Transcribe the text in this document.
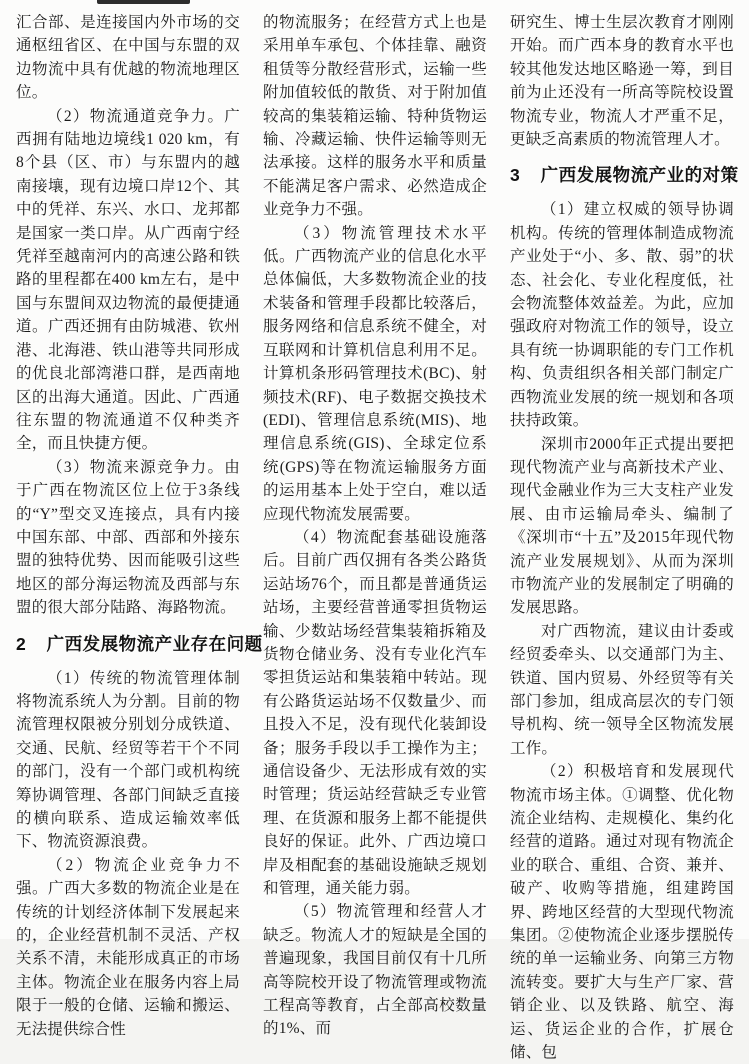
汇合部、是连接国内外市场的交通枢纽省区、在中国与东盟的双边物流中具有优越的物流地理区位。

（2）物流通道竞争力。广西拥有陆地边境线1 020 km，有8个县（区、市）与东盟内的越南接壤，现有边境口岸12个、其中的凭祥、东兴、水口、龙邦都是国家一类口岸。从广西南宁经凭祥至越南河内的高速公路和铁路的里程都在400 km左右，是中国与东盟间双边物流的最便捷通道。广西还拥有由防城港、钦州港、北海港、铁山港等共同形成的优良北部湾港口群，是西南地区的出海大通道。因此、广西通往东盟的物流通道不仅种类齐全，而且快捷方便。

（3）物流来源竞争力。由于广西在物流区位上位于3条线的“Y”型交叉连接点，具有内接中国东部、中部、西部和外接东盟的独特优势、因而能吸引这些地区的部分海运物流及西部与东盟的很大部分陆路、海路物流。

2 广西发展物流产业存在问题

（1）传统的物流管理体制将物流系统人为分割。目前的物流管理权限被分别划分成铁道、交通、民航、经贸等若干个不同的部门，没有一个部门或机构统筹协调管理、各部门间缺乏直接的横向联系、造成运输效率低下、物流资源浪费。

（2）物流企业竞争力不强。广西大多数的物流企业是在传统的计划经济体制下发展起来的，企业经营机制不灵活、产权关系不清，未能形成真正的市场主体。物流企业在服务内容上局限于一般的仓储、运输和搬运、无法提供综合性

的物流服务；在经营方式上也是采用单车承包、个体挂靠、融资租赁等分散经营形式，运输一些附加值较低的散货、对于附加值较高的集装箱运输、特种货物运输、冷藏运输、快件运输等则无法承接。这样的服务水平和质量不能满足客户需求、必然造成企业竞争力不强。

（3）物流管理技术水平低。广西物流产业的信息化水平总体偏低，大多数物流企业的技术装备和管理手段都比较落后，服务网络和信息系统不健全，对互联网和计算机信息利用不足。计算机条形码管理技术(BC)、射频技术(RF)、电子数据交换技术(EDI)、管理信息系统(MIS)、地理信息系统(GIS)、全球定位系统(GPS)等在物流运输服务方面的运用基本上处于空白，难以适应现代物流发展需要。

（4）物流配套基础设施落后。目前广西仅拥有各类公路货运站场76个，而且都是普通货运站场，主要经营普通零担货物运输、少数站场经营集装箱拆箱及货物仓储业务、没有专业化汽车零担货运站和集装箱中转站。现有公路货运站场不仅数量少、而且投入不足，没有现代化装卸设备；服务手段以手工操作为主；通信设备少、无法形成有效的实时管理；货运站经营缺乏专业管理、在货源和服务上都不能提供良好的保证。此外、广西边境口岸及相配套的基础设施缺乏规划和管理，通关能力弱。

（5）物流管理和经营人才缺乏。物流人才的短缺是全国的普遍现象，我国目前仅有十几所高等院校开设了物流管理或物流工程高等教育，占全部高校数量的1%、而

研究生、博士生层次教育才刚刚开始。而广西本身的教育水平也较其他发达地区略逊一筹，到目前为止还没有一所高等院校设置物流专业，物流人才严重不足，更缺乏高素质的物流管理人才。

3 广西发展物流产业的对策

（1）建立权威的领导协调机构。传统的管理体制造成物流产业处于“小、多、散、弱”的状态、社会化、专业化程度低，社会物流整体效益差。为此，应加强政府对物流工作的领导，设立具有统一协调职能的专门工作机构、负责组织各相关部门制定广西物流业发展的统一规划和各项扶持政策。

深圳市2000年正式提出要把现代物流产业与高新技术产业、现代金融业作为三大支柱产业发展、由市运输局牵头、编制了《深圳市“十五”及2015年现代物流产业发展规划》、从而为深圳市物流产业的发展制定了明确的发展思路。

对广西物流，建议由计委或经贸委牵头、以交通部门为主、铁道、国内贸易、外经贸等有关部门参加，组成高层次的专门领导机构、统一领导全区物流发展工作。

（2）积极培育和发展现代物流市场主体。①调整、优化物流企业结构、走规模化、集约化经营的道路。通过对现有物流企业的联合、重组、合资、兼并、破产、收购等措施，组建跨国界、跨地区经营的大型现代物流集团。②使物流企业逐步摆脱传统的单一运输业务、向第三方物流转变。要扩大与生产厂家、营销企业、以及铁路、航空、海运、货运企业的合作，扩展仓储、包
